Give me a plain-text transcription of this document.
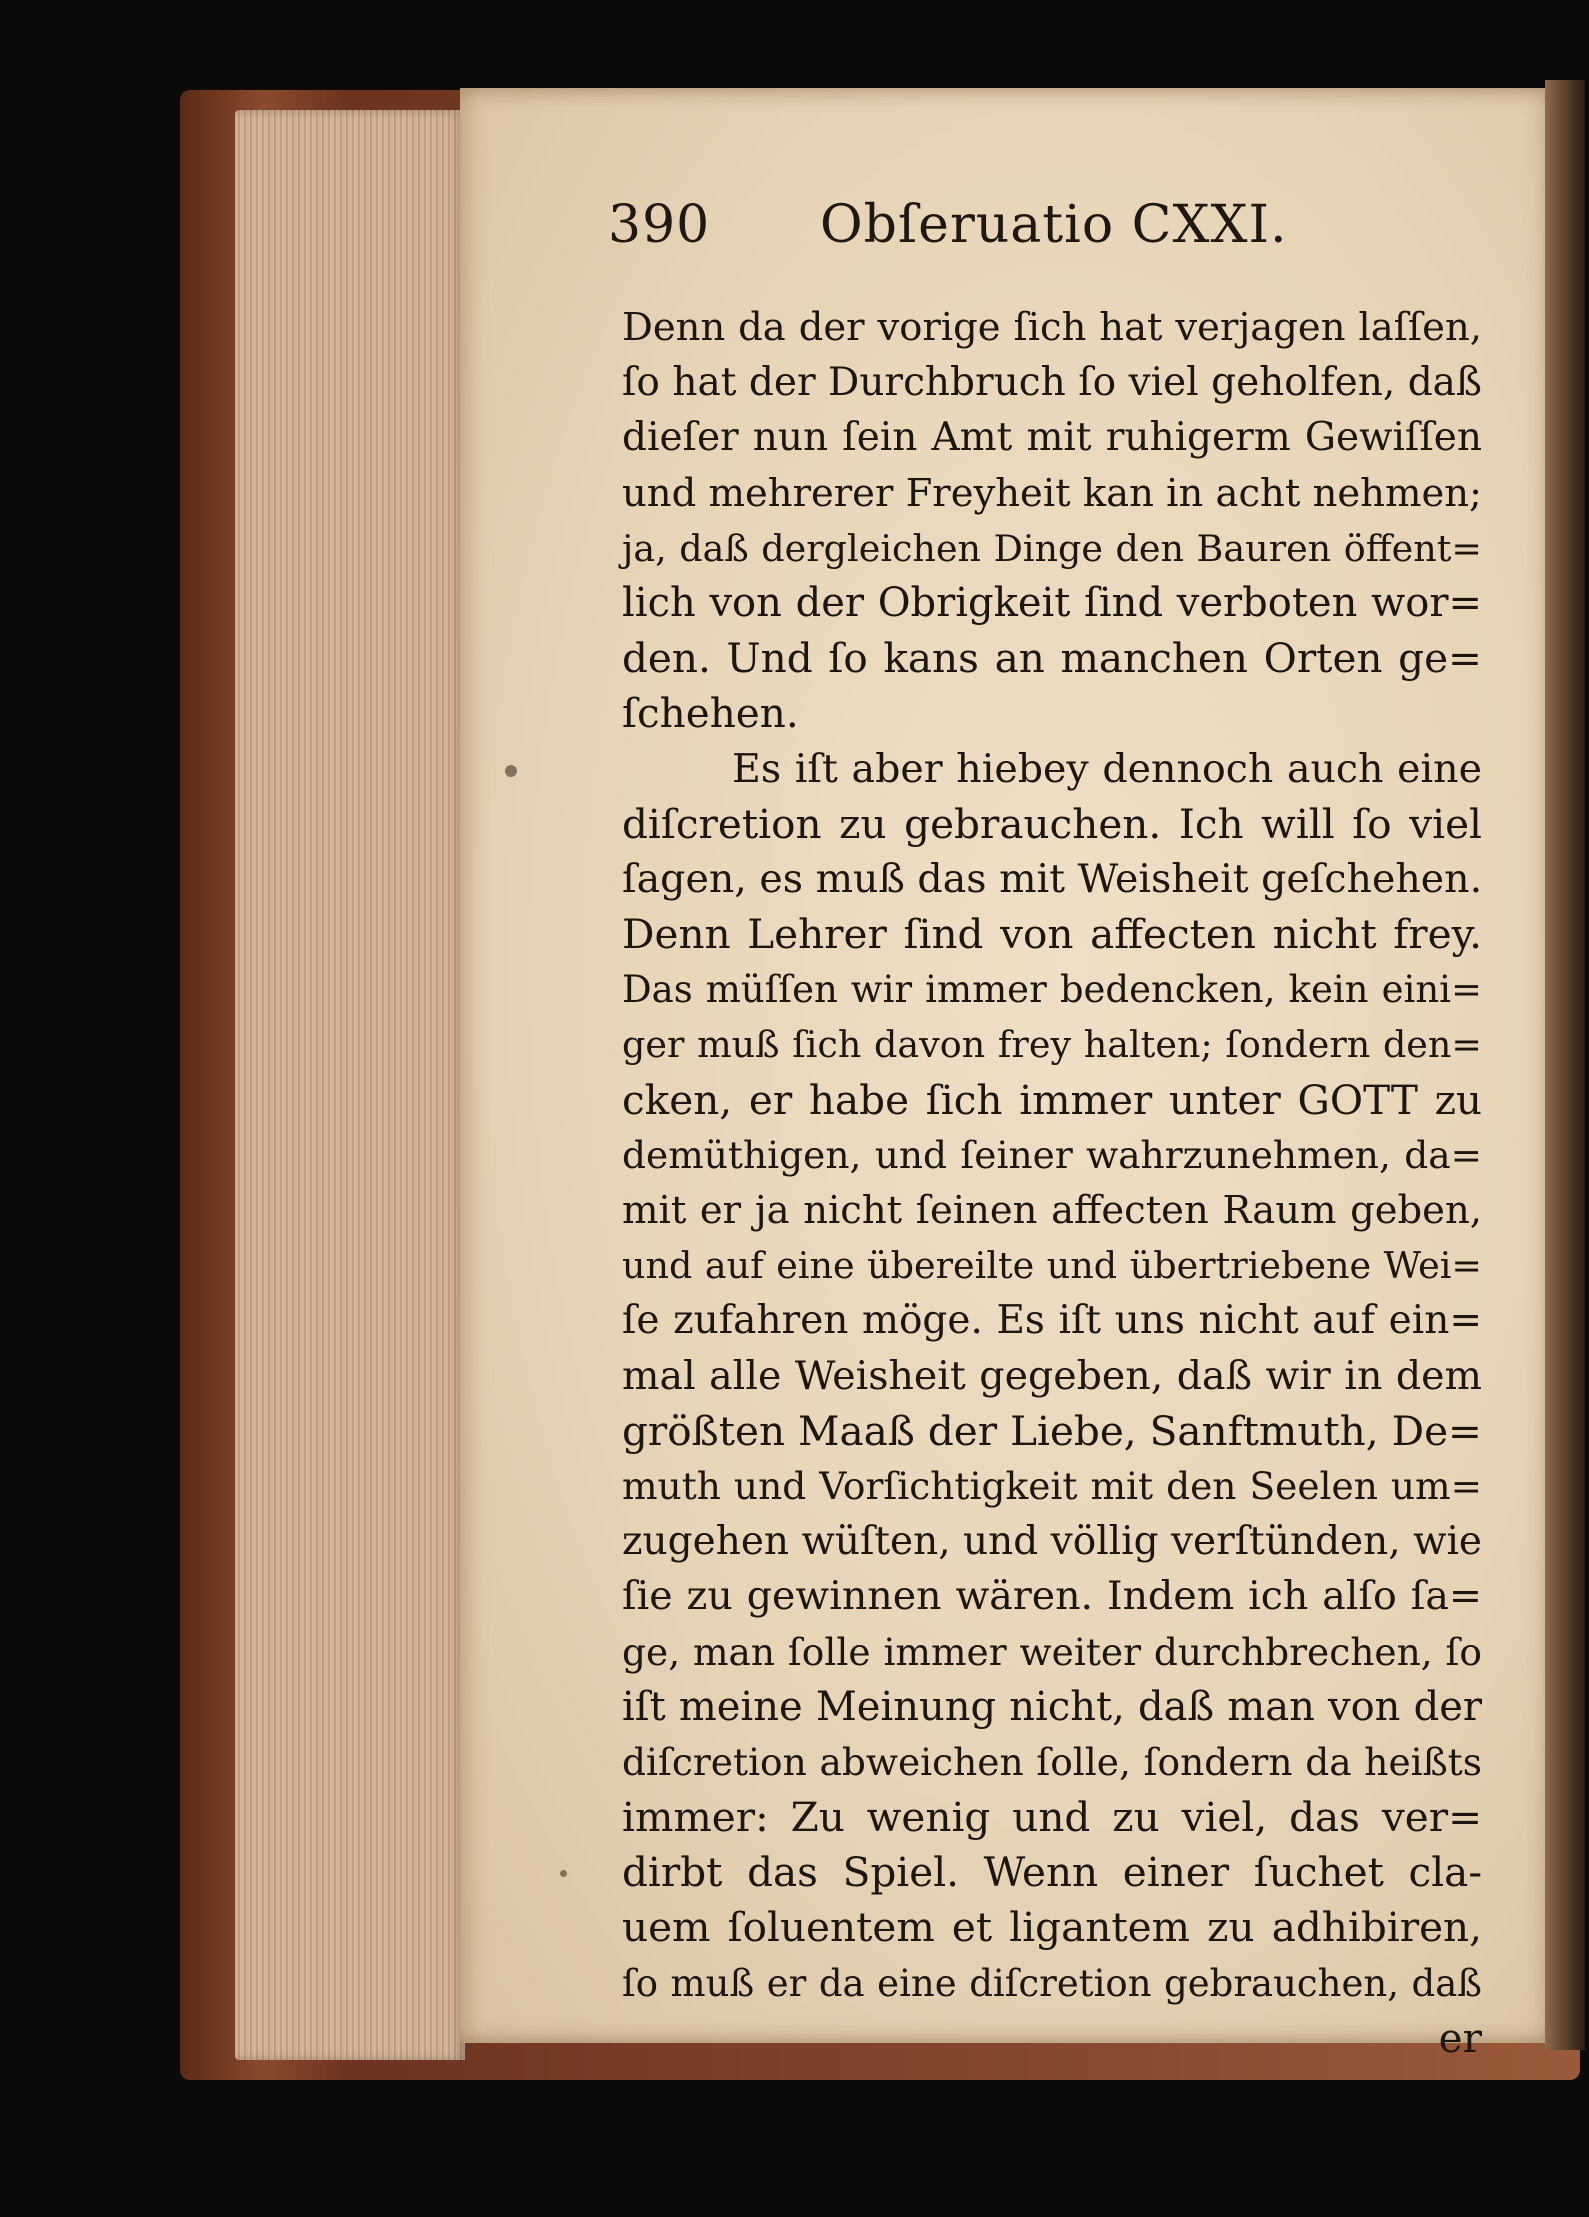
390 Obſeruatio CXXI.
Denn da der vorige ſich hat verjagen laſſen,
ſo hat der Durchbruch ſo viel geholfen, daß
dieſer nun ſein Amt mit ruhigerm Gewiſſen
und mehrerer Freyheit kan in acht nehmen;
ja, daß dergleichen Dinge den Bauren öffent=
lich von der Obrigkeit ſind verboten wor=
den. Und ſo kans an manchen Orten ge=
ſchehen.
Es iſt aber hiebey dennoch auch eine
diſcretion zu gebrauchen. Ich will ſo viel
ſagen, es muß das mit Weisheit geſchehen.
Denn Lehrer ſind von affecten nicht frey.
Das müſſen wir immer bedencken, kein eini=
ger muß ſich davon frey halten; ſondern den=
cken, er habe ſich immer unter GOTT zu
demüthigen, und ſeiner wahrzunehmen, da=
mit er ja nicht ſeinen affecten Raum geben,
und auf eine übereilte und übertriebene Wei=
ſe zufahren möge. Es iſt uns nicht auf ein=
mal alle Weisheit gegeben, daß wir in dem
größten Maaß der Liebe, Sanftmuth, De=
muth und Vorſichtigkeit mit den Seelen um=
zugehen wüſten, und völlig verſtünden, wie
ſie zu gewinnen wären. Indem ich alſo ſa=
ge, man ſolle immer weiter durchbrechen, ſo
iſt meine Meinung nicht, daß man von der
diſcretion abweichen ſolle, ſondern da heißts
immer: Zu wenig und zu viel, das ver=
dirbt das Spiel. Wenn einer ſuchet cla-
uem ſoluentem et ligantem zu adhibiren,
ſo muß er da eine diſcretion gebrauchen, daß
er
